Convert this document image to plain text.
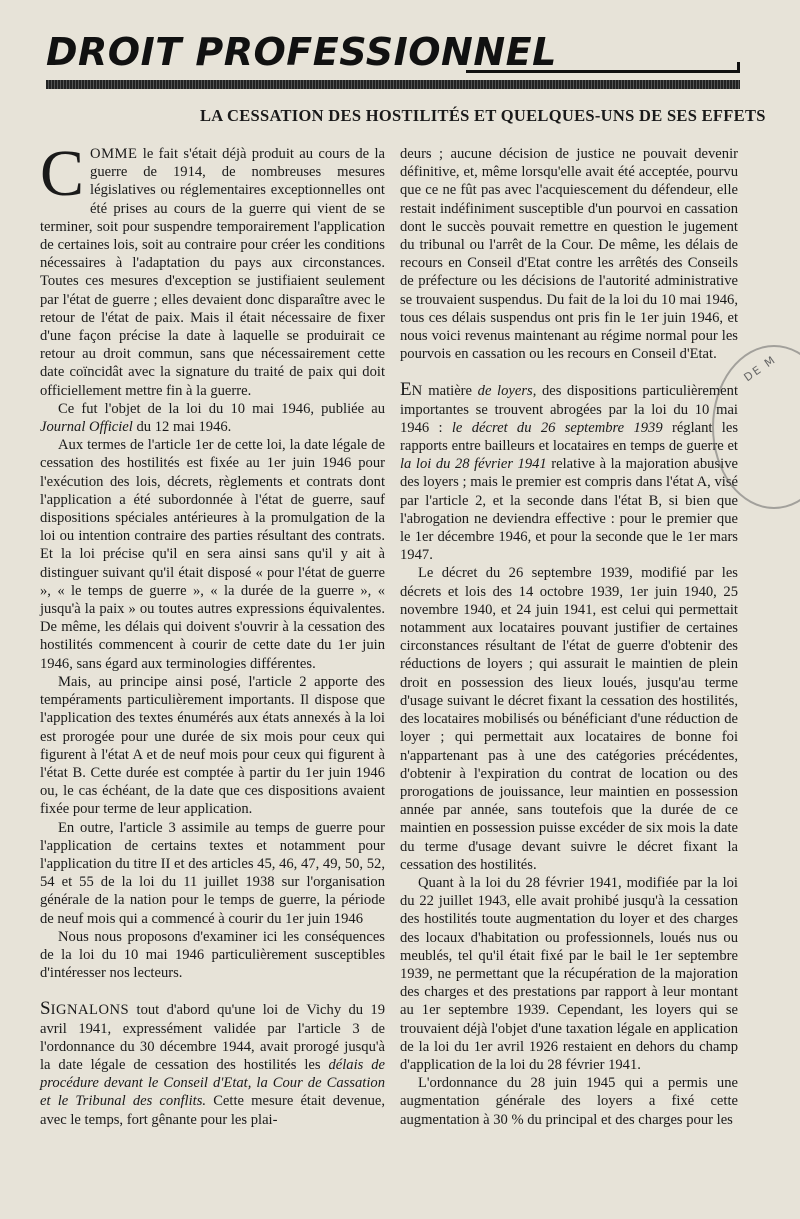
DROIT PROFESSIONNEL
LA CESSATION DES HOSTILITÉS ET QUELQUES-UNS DE SES EFFETS

COMME le fait s'était déjà produit au cours de la guerre de 1914, de nombreuses mesures législatives ou réglementaires exceptionnelles ont été prises au cours de la guerre qui vient de se terminer, soit pour suspendre temporairement l'application de certaines lois, soit au contraire pour créer les conditions nécessaires à l'adaptation du pays aux circonstances. Toutes ces mesures d'exception se justifiaient seulement par l'état de guerre ; elles devaient donc disparaître avec le retour de l'état de paix. Mais il était nécessaire de fixer d'une façon précise la date à laquelle se produirait ce retour au droit commun, sans que nécessairement cette date coïncidât avec la signature du traité de paix qui doit officiellement mettre fin à la guerre.

Ce fut l'objet de la loi du 10 mai 1946, publiée au Journal Officiel du 12 mai 1946.

Aux termes de l'article 1er de cette loi, la date légale de cessation des hostilités est fixée au 1er juin 1946 pour l'exécution des lois, décrets, règlements et contrats dont l'application a été subordonnée à l'état de guerre, sauf dispositions spéciales antérieures à la promulgation de la loi ou intention contraire des parties résultant des contrats. Et la loi précise qu'il en sera ainsi sans qu'il y ait à distinguer suivant qu'il était disposé « pour l'état de guerre », « le temps de guerre », « la durée de la guerre », « jusqu'à la paix » ou toutes autres expressions équivalentes. De même, les délais qui doivent s'ouvrir à la cessation des hostilités commencent à courir de cette date du 1er juin 1946, sans égard aux terminologies différentes.

Mais, au principe ainsi posé, l'article 2 apporte des tempéraments particulièrement importants. Il dispose que l'application des textes énumérés aux états annexés à la loi est prorogée pour une durée de six mois pour ceux qui figurent à l'état A et de neuf mois pour ceux qui figurent à l'état B. Cette durée est comptée à partir du 1er juin 1946 ou, le cas échéant, de la date que ces dispositions avaient fixée pour terme de leur application.

En outre, l'article 3 assimile au temps de guerre pour l'application de certains textes et notamment pour l'application du titre II et des articles 45, 46, 47, 49, 50, 52, 54 et 55 de la loi du 11 juillet 1938 sur l'organisation générale de la nation pour le temps de guerre, la période de neuf mois qui a commencé à courir du 1er juin 1946

Nous nous proposons d'examiner ici les conséquences de la loi du 10 mai 1946 particulièrement susceptibles d'intéresser nos lecteurs.

SIGNALONS tout d'abord qu'une loi de Vichy du 19 avril 1941, expressément validée par l'article 3 de l'ordonnance du 30 décembre 1944, avait prorogé jusqu'à la date légale de cessation des hostilités les délais de procédure devant le Conseil d'Etat, la Cour de Cassation et le Tribunal des conflits. Cette mesure était devenue, avec le temps, fort gênante pour les plai-

deurs ; aucune décision de justice ne pouvait devenir définitive, et, même lorsqu'elle avait été acceptée, pourvu que ce ne fût pas avec l'acquiescement du défendeur, elle restait indéfiniment susceptible d'un pourvoi en cassation dont le succès pouvait remettre en question le jugement du tribunal ou l'arrêt de la Cour. De même, les délais de recours en Conseil d'Etat contre les arrêtés des Conseils de préfecture ou les décisions de l'autorité administrative se trouvaient suspendus. Du fait de la loi du 10 mai 1946, tous ces délais suspendus ont pris fin le 1er juin 1946, et nous voici revenus maintenant au régime normal pour les pourvois en cassation ou les recours en Conseil d'Etat.

EN matière de loyers, des dispositions particulièrement importantes se trouvent abrogées par la loi du 10 mai 1946 : le décret du 26 septembre 1939 réglant les rapports entre bailleurs et locataires en temps de guerre et la loi du 28 février 1941 relative à la majoration abusive des loyers ; mais le premier est compris dans l'état A, visé par l'article 2, et la seconde dans l'état B, si bien que l'abrogation ne deviendra effective : pour le premier que le 1er décembre 1946, et pour la seconde que le 1er mars 1947.

Le décret du 26 septembre 1939, modifié par les décrets et lois des 14 octobre 1939, 1er juin 1940, 25 novembre 1940, et 24 juin 1941, est celui qui permettait notamment aux locataires pouvant justifier de certaines circonstances résultant de l'état de guerre d'obtenir des réductions de loyers ; qui assurait le maintien de plein droit en possession des lieux loués, jusqu'au terme d'usage suivant le décret fixant la cessation des hostilités, des locataires mobilisés ou bénéficiant d'une réduction de loyer ; qui permettait aux locataires de bonne foi n'appartenant pas à une des catégories précédentes, d'obtenir à l'expiration du contrat de location ou des prorogations de jouissance, leur maintien en possession année par année, sans toutefois que la durée de ce maintien en possession puisse excéder de six mois la date du terme d'usage devant suivre le décret fixant la cessation des hostilités.

Quant à la loi du 28 février 1941, modifiée par la loi du 22 juillet 1943, elle avait prohibé jusqu'à la cessation des hostilités toute augmentation du loyer et des charges des locaux d'habitation ou professionnels, loués nus ou meublés, tel qu'il était fixé par le bail le 1er septembre 1939, ne permettant que la récupération de la majoration des charges et des prestations par rapport à leur montant au 1er septembre 1939. Cependant, les loyers qui se trouvaient déjà l'objet d'une taxation légale en application de la loi du 1er avril 1926 restaient en dehors du champ d'application de la loi du 28 février 1941.

L'ordonnance du 28 juin 1945 qui a permis une augmentation générale des loyers a fixé cette augmentation à 30 % du principal et des charges pour les

DE M
